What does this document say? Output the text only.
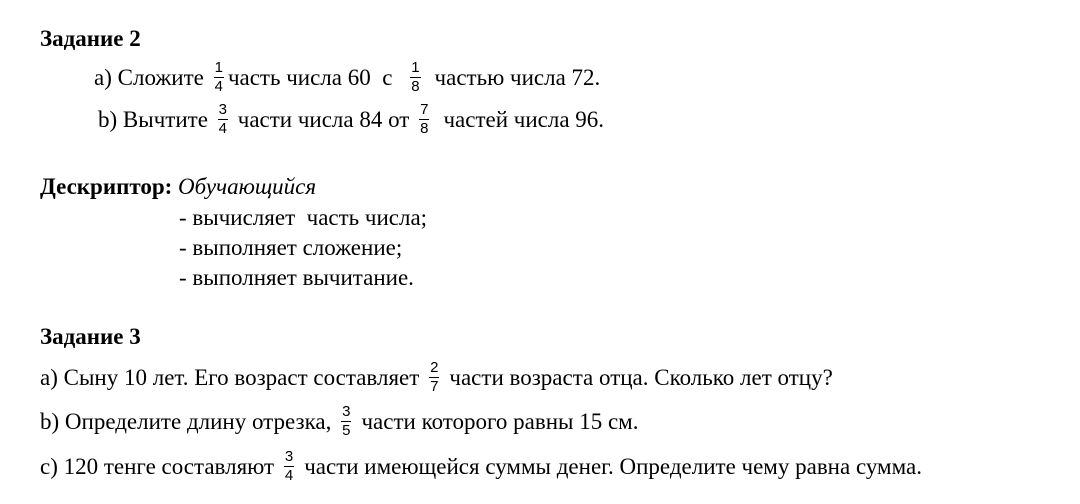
Задание 2
a) Сложите $\frac{1}{4}$ часть числа 60  с $\frac{1}{8}$ частью числа 72.
b) Вычтите $\frac{3}{4}$ части числа 84 от $\frac{7}{8}$ частей числа 96.
Дескриптор: Обучающийся
- вычисляет  часть числа;
- выполняет сложение;
- выполняет вычитание.
Задание 3
a) Сыну 10 лет. Его возраст составляет $\frac{2}{7}$ части возраста отца. Сколько лет отцу?
b) Определите длину отрезка, $\frac{3}{5}$ части которого равны 15 см.
c) 120 тенге составляют $\frac{3}{4}$ части имеющейся суммы денег. Определите чему равна сумма.
